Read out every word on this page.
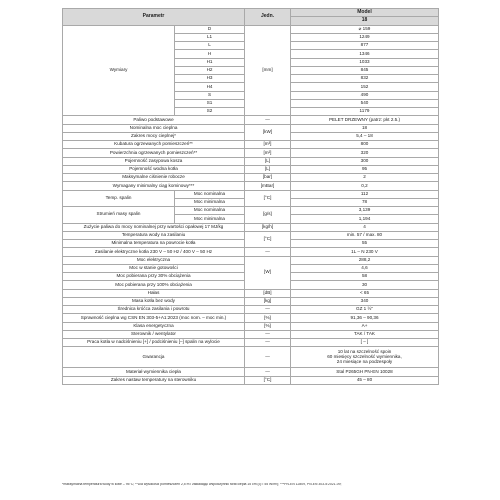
Parametr		Jedn.	Model
			18
Wymiary	D	[mm]	⌀ 159
	L1		1249
	L		877
	H		1346
	H1		1033
	H2		845
	H3		832
	H4		152
	S		490
	S1		540
	S2		1179
Paliwo podstawowe		—	PELET DRZEWNY (patrz: pkt 2.5.)
Nominalna moc cieplna		[kW]	18
Zakres mocy cieplnej*			5,4 – 18
Kubatura ogrzewanych pomieszczeń**		[m³]	800
Powierzchnia ogrzewanych pomieszczeń**		[m²]	320
Pojemność zasypowa kosza		[L]	300
Pojemność wodna kotła		[L]	95
Maksymalne ciśnienie robocze		[bar]	2
Wymagany minimalny ciąg kominowy***		[mBar]	0,2
Temp. spalin	Moc nominalna	[°C]	112
	Moc minimalna		78
Strumień masy spalin	Moc nominalna	[g/s]	3,139
	Moc minimalna		1,194
Zużycie paliwa do mocy nominalnej przy wartości opałowej 17 MJ/kg		[kg/h]	4
Temperatura wody na zasilaniu		[°C]	min. 57 / max. 80
Minimalna temperatura na powrocie kotła			55
Zasilanie elektryczne kotła 230 V – 50 Hz / 400 V – 50 Hz		—	1L – N 230 V
Moc elektryczna		[W]	288,2
Moc w stanie gotowości			4,6
Moc pobierana przy 30% obciążenia			58
Moc pobierana przy 100% obciążenia			30
Hałas		[dB]	< 65
Masa kotła bez wody		[kg]	340
Średnica króćca zasilania i powrotu		—	GZ 1 ½"
Sprawność cieplna wg CSN EN 303-5+A1:2023 (moc nom. – moc min.)		[%]	91,36 – 90,36
Klasa energetyczna		[%]	A+
Sterownik / wentylator		—	TAK / TAK
Praca kotła w nadciśnieniu [+] / podciśnieniu [–] spalin na wylocie		—	[ – ]
Gwarancja		—	10 lat na szczelność spoin
60 miesięcy szczelność wymiennika,
24 miesiące na podzespoły

Materiał wymiennika ciepła		—	Stal P265GH PN-EN 10028
Zakres nastaw temperatury na sterowniku		[°C]	45 – 80
*maksymalna temperatura wody w kotle – 95°C; **Dla wysokości pomieszczeń 2,5 m i zakładając współczynnik strat ciepła 15 cm (q = 55 W/m²); ***PN-EN 12809, PN-EN 303-5:2021-09;
